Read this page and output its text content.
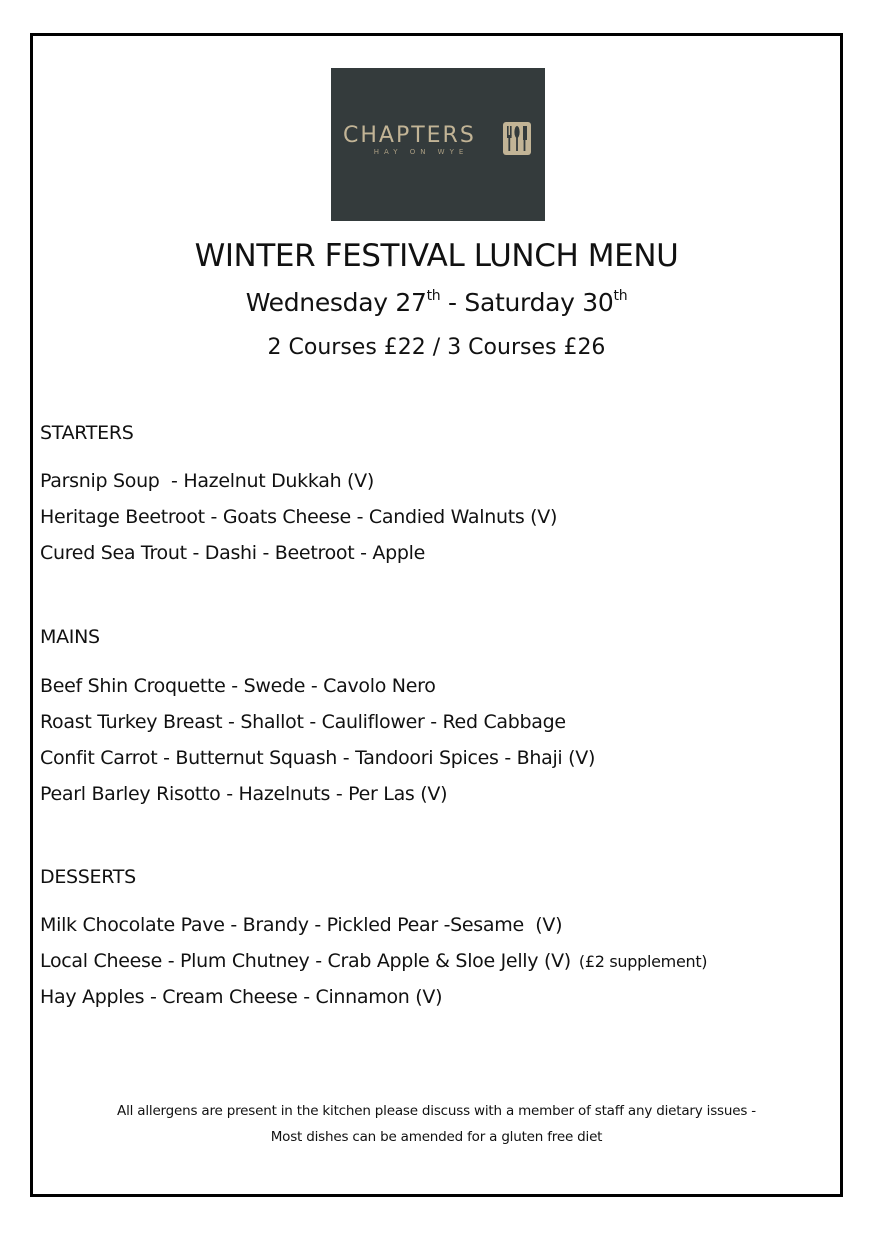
CHAPTERS
HAY ON WYE
WINTER FESTIVAL LUNCH MENU
Wednesday 27th - Saturday 30th
2 Courses £22 / 3 Courses £26
STARTERS
Parsnip Soup  - Hazelnut Dukkah (V)
Heritage Beetroot - Goats Cheese - Candied Walnuts (V)
Cured Sea Trout - Dashi - Beetroot - Apple
MAINS
Beef Shin Croquette - Swede - Cavolo Nero
Roast Turkey Breast - Shallot - Cauliflower - Red Cabbage
Confit Carrot - Butternut Squash - Tandoori Spices - Bhaji (V)
Pearl Barley Risotto - Hazelnuts - Per Las (V)
DESSERTS
Milk Chocolate Pave - Brandy - Pickled Pear -Sesame  (V)
Local Cheese - Plum Chutney - Crab Apple & Sloe Jelly (V) (£2 supplement)
Hay Apples - Cream Cheese - Cinnamon (V)
All allergens are present in the kitchen please discuss with a member of staff any dietary issues -
Most dishes can be amended for a gluten free diet
